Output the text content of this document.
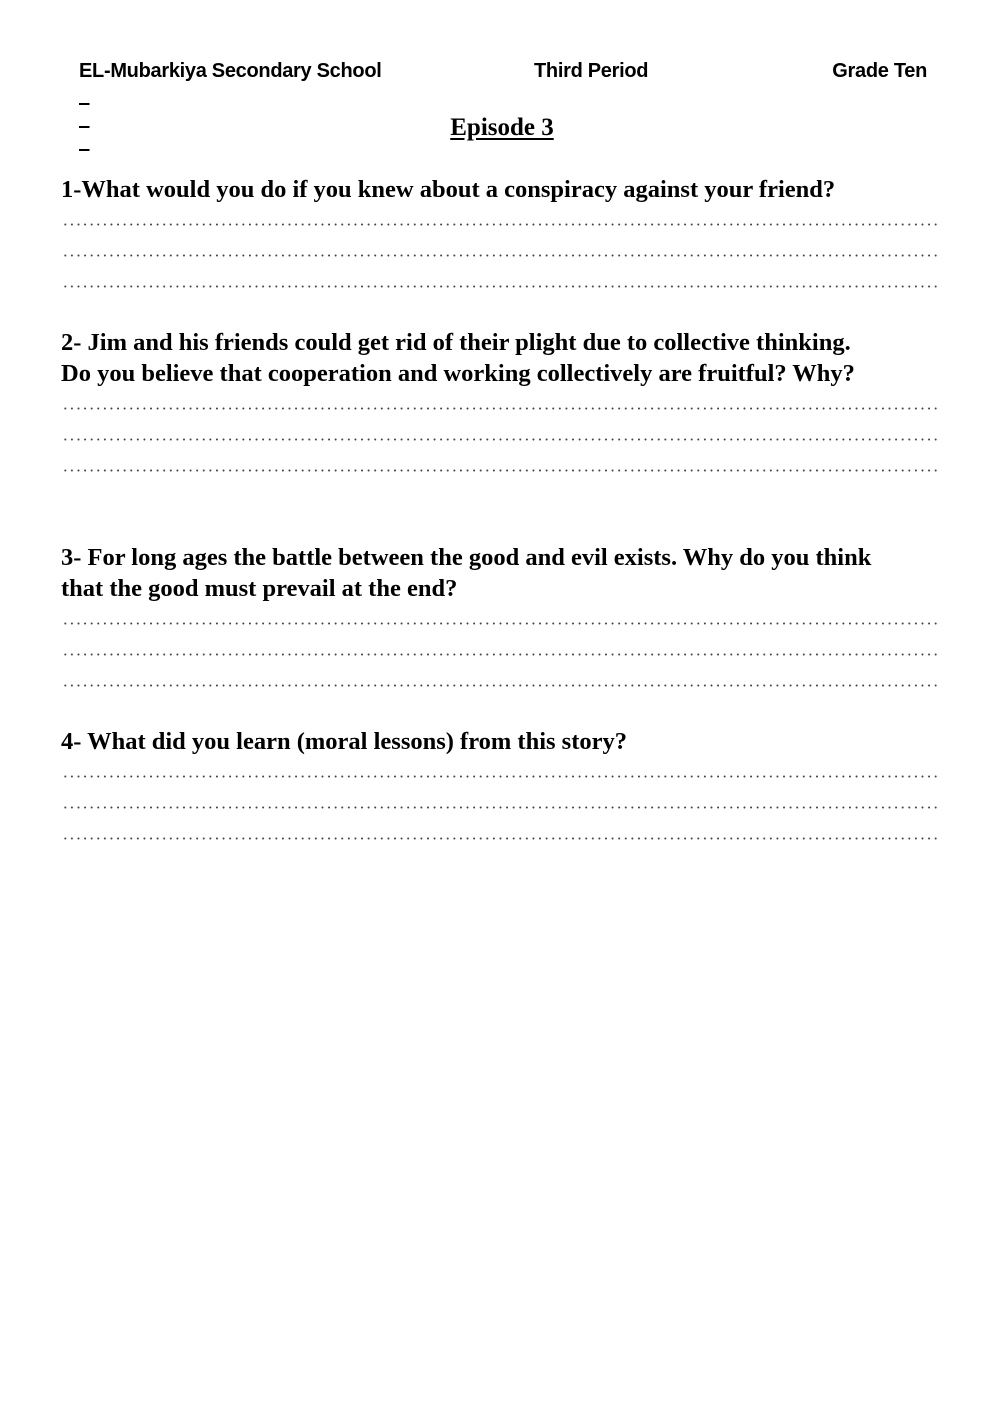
EL-Mubarkiya Secondary School

	Third Period

	Grade Ten

Episode 3
1-What would you do if you knew about a conspiracy against your friend?
2- Jim and his friends could get rid of their plight due to collective thinking.
Do you believe that cooperation and working collectively are fruitful? Why?
3- For long ages the battle between the good and evil exists. Why do you think
that the good must prevail at the end?
4- What did you learn (moral lessons) from this story?
